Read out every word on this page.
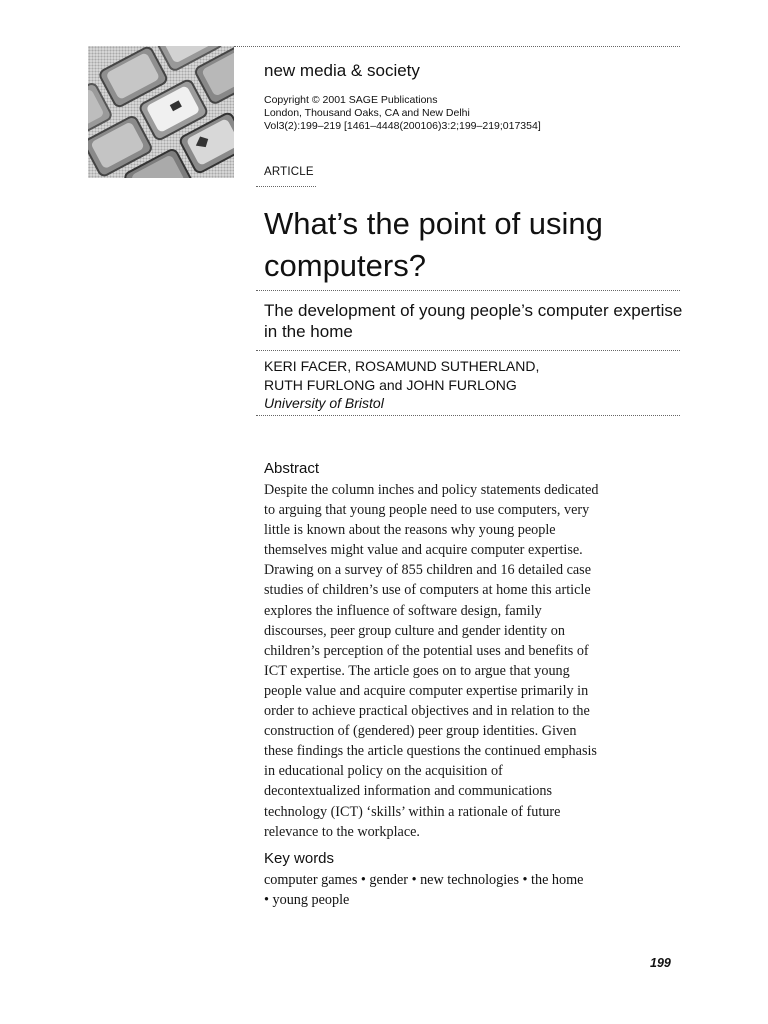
new media & society
Copyright © 2001 SAGE Publications
London, Thousand Oaks, CA and New Delhi
Vol3(2):199–219 [1461–4448(200106)3:2;199–219;017354]
ARTICLE
What’s the point of using computers?
The development of young people’s computer expertise in the home
KERI FACER, ROSAMUND SUTHERLAND,
RUTH FURLONG and JOHN FURLONG
University of Bristol
Abstract
Despite the column inches and policy statements dedicated
to arguing that young people need to use computers, very
little is known about the reasons why young people
themselves might value and acquire computer expertise.
Drawing on a survey of 855 children and 16 detailed case
studies of children’s use of computers at home this article
explores the influence of software design, family
discourses, peer group culture and gender identity on
children’s perception of the potential uses and benefits of
ICT expertise. The article goes on to argue that young
people value and acquire computer expertise primarily in
order to achieve practical objectives and in relation to the
construction of (gendered) peer group identities. Given
these findings the article questions the continued emphasis
in educational policy on the acquisition of
decontextualized information and communications
technology (ICT) ‘skills’ within a rationale of future
relevance to the workplace.
Key words
computer games • gender • new technologies • the home
• young people
199
